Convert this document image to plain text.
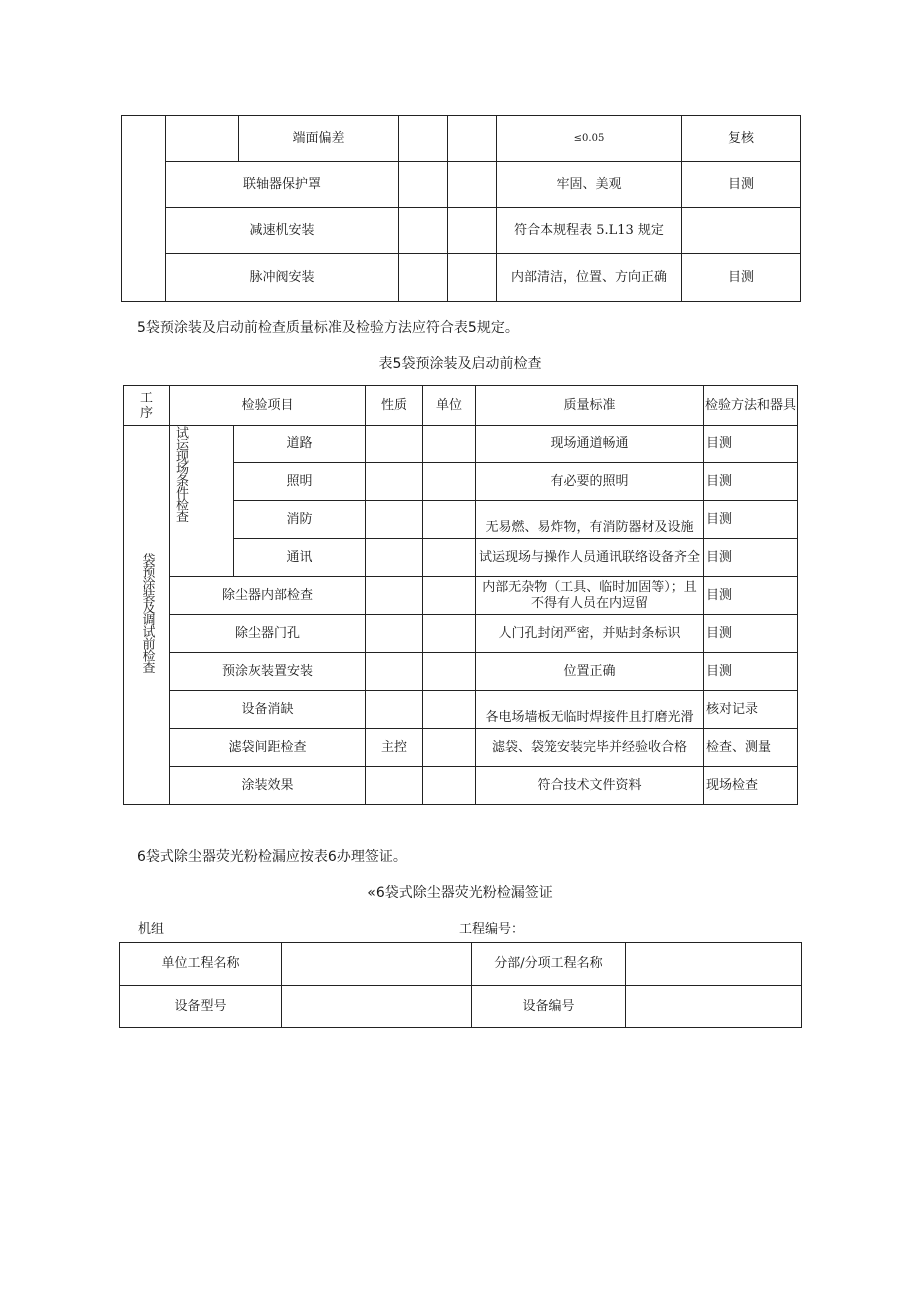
		端面偏差			≤0.05	复核
	联轴器保护罩				牢固、美观	目测
	减速机安装				符合本规程表 5.L13 规定	
	脉冲阀安装				内部清洁，位置、方向正确	目测
5袋预涂装及启动前检查质量标准及检验方法应符合表5规定。
表5袋预涂装及启动前检查
工序	检验项目		性质	单位	质量标准	检验方法和器具
袋预涂装及调试前检查	试运现场条件检查	道路			现场通道畅通	目测
		照明			有必要的照明	目测
		消防			无易燃、易炸物，有消防器材及设施	目测
		通讯			试运现场与操作人员通讯联络设备齐全	目测
	除尘器内部检查				内部无杂物（工具、临时加固等）；且不得有人员在内逗留	目测
	除尘器门孔				人门孔封闭严密，并贴封条标识	目测
	预涂灰装置安装				位置正确	目测
	设备消缺				各电场墙板无临时焊接件且打磨光滑	核对记录
	滤袋间距检查		主控		滤袋、袋笼安装完毕并经验收合格	检查、测量
	涂装效果				符合技术文件资料	现场检查
6袋式除尘器荧光粉检漏应按表6办理签证。
«6袋式除尘器荧光粉检漏签证
机组	工程编号：
单位工程名称		分部/分项工程名称	
设备型号		设备编号	
